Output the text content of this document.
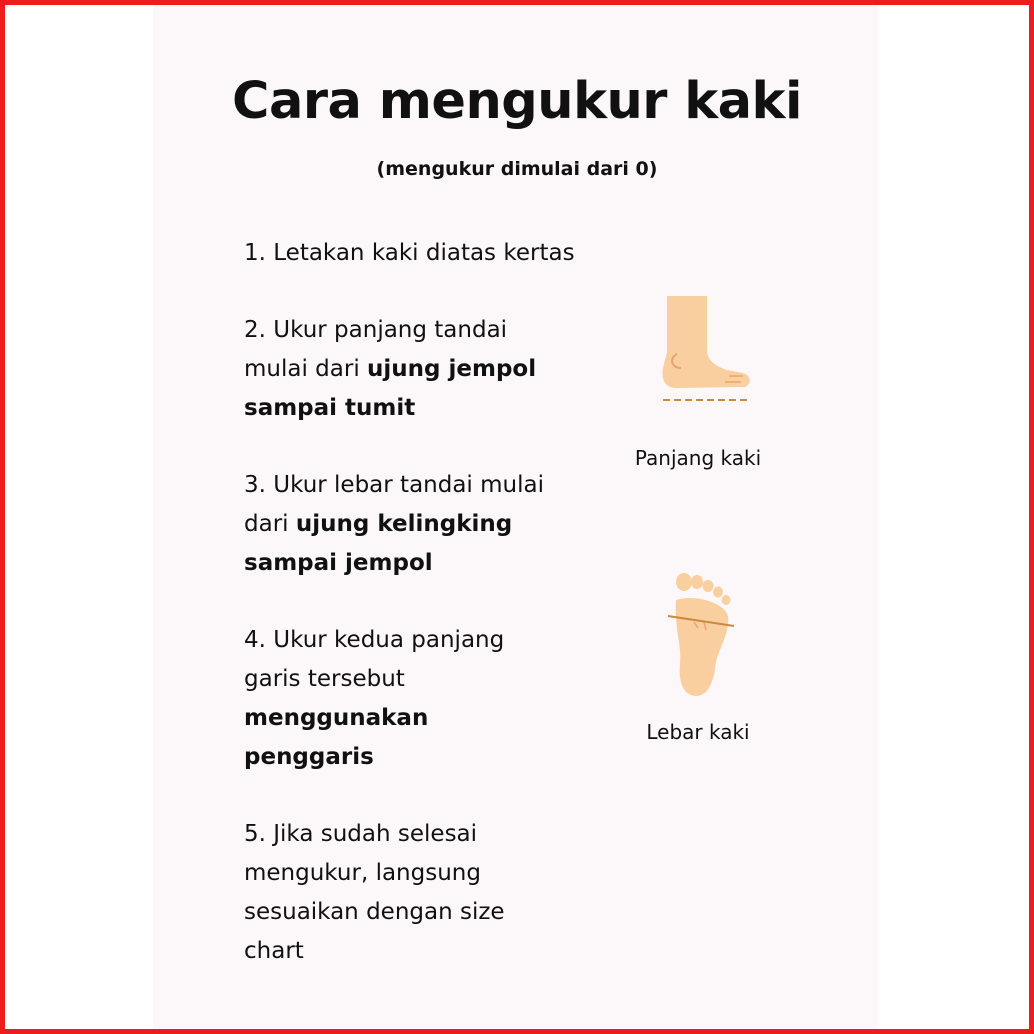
Cara mengukur kaki
(mengukur dimulai dari 0)

1. Letakan kaki diatas kertas

2. Ukur panjang tandai mulai dari ujung jempol sampai tumit

3. Ukur lebar tandai mulai dari ujung kelingking sampai jempol

4. Ukur kedua panjang garis tersebut menggunakan penggaris

5. Jika sudah selesai mengukur, langsung sesuaikan dengan size chart

Panjang kaki
Lebar kaki
